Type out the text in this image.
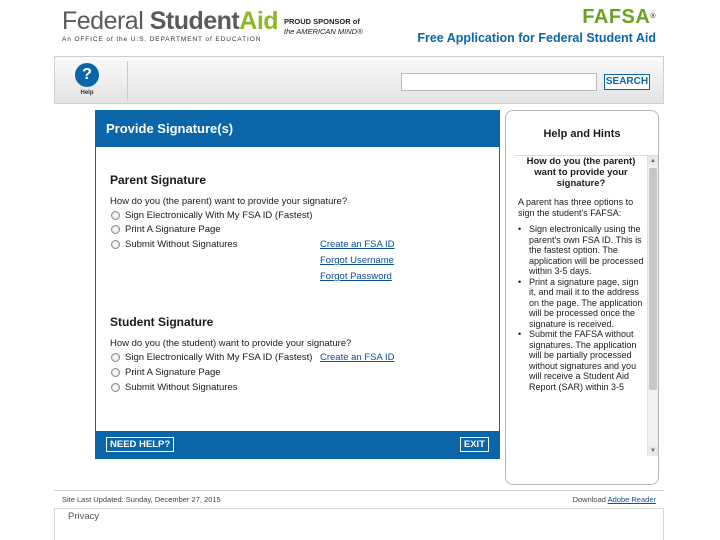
Federal StudentAid
An OFFICE of the U.S. DEPARTMENT of EDUCATION
PROUD SPONSOR of
the AMERICAN MIND®
FAFSA®
Free Application for Federal Student Aid
?
Help
SEARCH
Provide Signature(s)
Parent Signature
How do you (the parent) want to provide your signature?
Sign Electronically With My FSA ID (Fastest)
Print A Signature Page
Submit Without Signatures	Create an FSA ID
Forgot Username
Forgot Password
Student Signature
How do you (the student) want to provide your signature?
Sign Electronically With My FSA ID (Fastest) Create an FSA ID
Print A Signature Page
Submit Without Signatures
NEED HELP?	EXIT
Help and Hints
How do you (the parent) want to provide your signature?
A parent has three options to sign the student's FAFSA:
• Sign electronically using the parent's own FSA ID. This is the fastest option. The application will be processed within 3-5 days.
• Print a signature page, sign it, and mail it to the address on the page. The application will be processed once the signature is received.
• Submit the FAFSA without signatures. The application will be partially processed without signatures and you will receive a Student Aid Report (SAR) within 3-5
▲
▼
Site Last Updated: Sunday, December 27, 2015	Download Adobe Reader
Privacy
